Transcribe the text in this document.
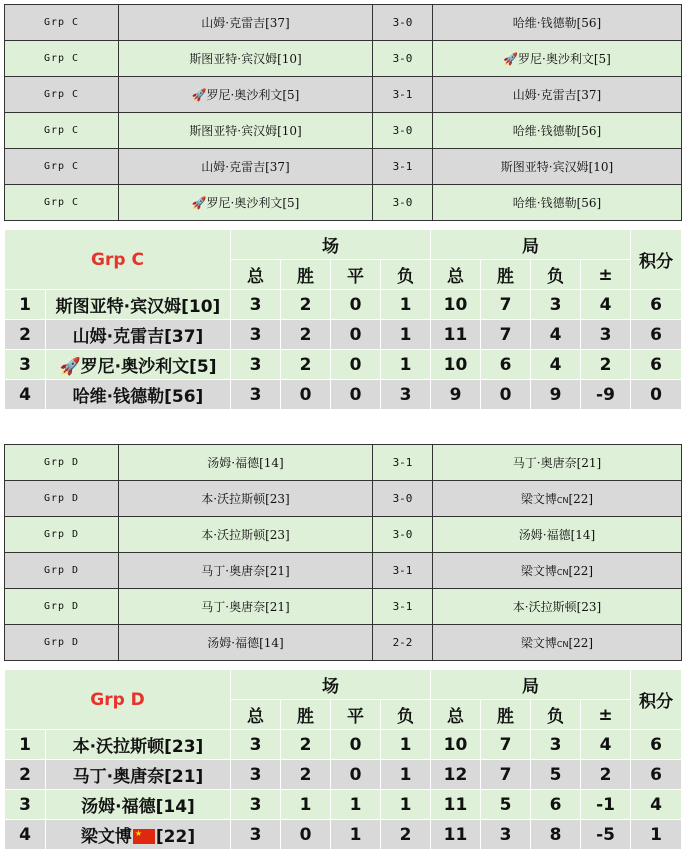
Grp C	山姆·克雷吉[37]	3-0	哈维·钱德勒[56]
Grp C	斯图亚特·宾汉姆[10]	3-0	🚀罗尼·奥沙利文[5]
Grp C	🚀罗尼·奥沙利文[5]	3-1	山姆·克雷吉[37]
Grp C	斯图亚特·宾汉姆[10]	3-0	哈维·钱德勒[56]
Grp C	山姆·克雷吉[37]	3-1	斯图亚特·宾汉姆[10]
Grp C	🚀罗尼·奥沙利文[5]	3-0	哈维·钱德勒[56]
Grp C		场				局				积分
		总	胜	平	负	总	胜	负	±	
1	斯图亚特·宾汉姆[10]	3	2	0	1	10	7	3	4	6
2	山姆·克雷吉[37]	3	2	0	1	11	7	4	3	6
3	🚀罗尼·奥沙利文[5]	3	2	0	1	10	6	4	2	6
4	哈维·钱德勒[56]	3	0	0	3	9	0	9	-9	0
Grp D	汤姆·福德[14]	3-1	马丁·奥唐奈[21]
Grp D	本·沃拉斯顿[23]	3-0	梁文博CN[22]
Grp D	本·沃拉斯顿[23]	3-0	汤姆·福德[14]
Grp D	马丁·奥唐奈[21]	3-1	梁文博CN[22]
Grp D	马丁·奥唐奈[21]	3-1	本·沃拉斯顿[23]
Grp D	汤姆·福德[14]	2-2	梁文博CN[22]
Grp D		场				局				积分
		总	胜	平	负	总	胜	负	±	
1	本·沃拉斯顿[23]	3	2	0	1	10	7	3	4	6
2	马丁·奥唐奈[21]	3	2	0	1	12	7	5	2	6
3	汤姆·福德[14]	3	1	1	1	11	5	6	-1	4
4	梁文博 ★ [22]	3	0	1	2	11	3	8	-5	1
